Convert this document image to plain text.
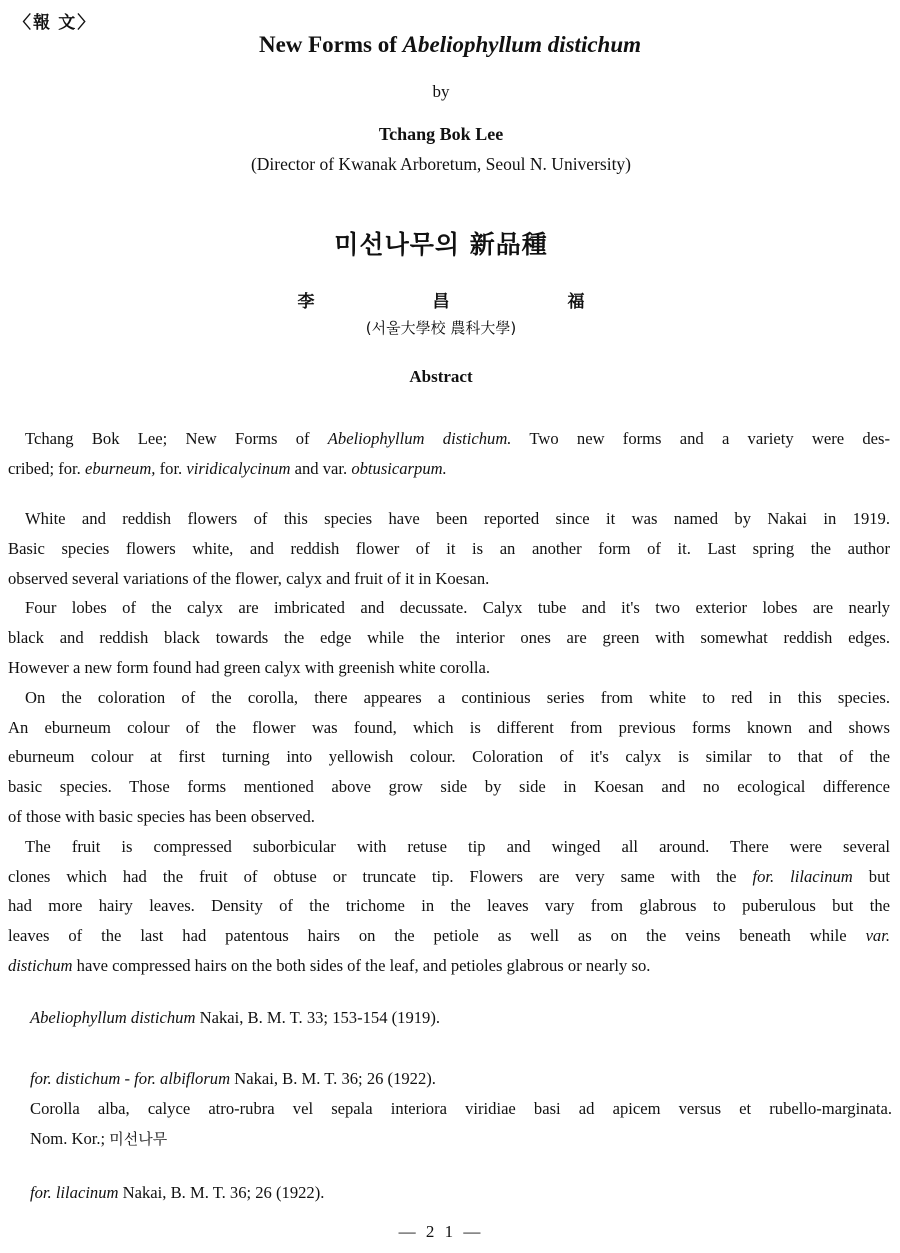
〈報 文〉
New Forms of Abeliophyllum distichum
by
Tchang Bok Lee
(Director of Kwanak Arboretum, Seoul N. University)
미선나무의 新品種
李	昌	福
(서울大學校 農科大學)
Abstract
Tchang Bok Lee; New Forms of Abeliophyllum distichum. Two new forms and a variety were des-
cribed; for. eburneum, for. viridicalycinum and var. obtusicarpum.
White and reddish flowers of this species have been reported since it was named by Nakai in 1919.
Basic species flowers white, and reddish flower of it is an another form of it. Last spring the author
observed several variations of the flower, calyx and fruit of it in Koesan.
Four lobes of the calyx are imbricated and decussate. Calyx tube and it's two exterior lobes are nearly
black and reddish black towards the edge while the interior ones are green with somewhat reddish edges.
However a new form found had green calyx with greenish white corolla.
On the coloration of the corolla, there appeares a continious series from white to red in this species.
An eburneum colour of the flower was found, which is different from previous forms known and shows
eburneum colour at first turning into yellowish colour. Coloration of it's calyx is similar to that of the
basic species. Those forms mentioned above grow side by side in Koesan and no ecological difference
of those with basic species has been observed.
The fruit is compressed suborbicular with retuse tip and winged all around. There were several
clones which had the fruit of obtuse or truncate tip. Flowers are very same with the for. lilacinum but
had more hairy leaves. Density of the trichome in the leaves vary from glabrous to puberulous but the
leaves of the last had patentous hairs on the petiole as well as on the veins beneath while var.
distichum have compressed hairs on the both sides of the leaf, and petioles glabrous or nearly so.
Abeliophyllum distichum Nakai, B. M. T. 33; 153-154 (1919).
for. distichum - for. albiflorum Nakai, B. M. T. 36; 26 (1922).
Corolla alba, calyce atro-rubra vel sepala interiora viridiae basi ad apicem versus et rubello-marginata.
Nom. Kor.; 미선나무
for. lilacinum Nakai, B. M. T. 36; 26 (1922).
— 2 1 —
